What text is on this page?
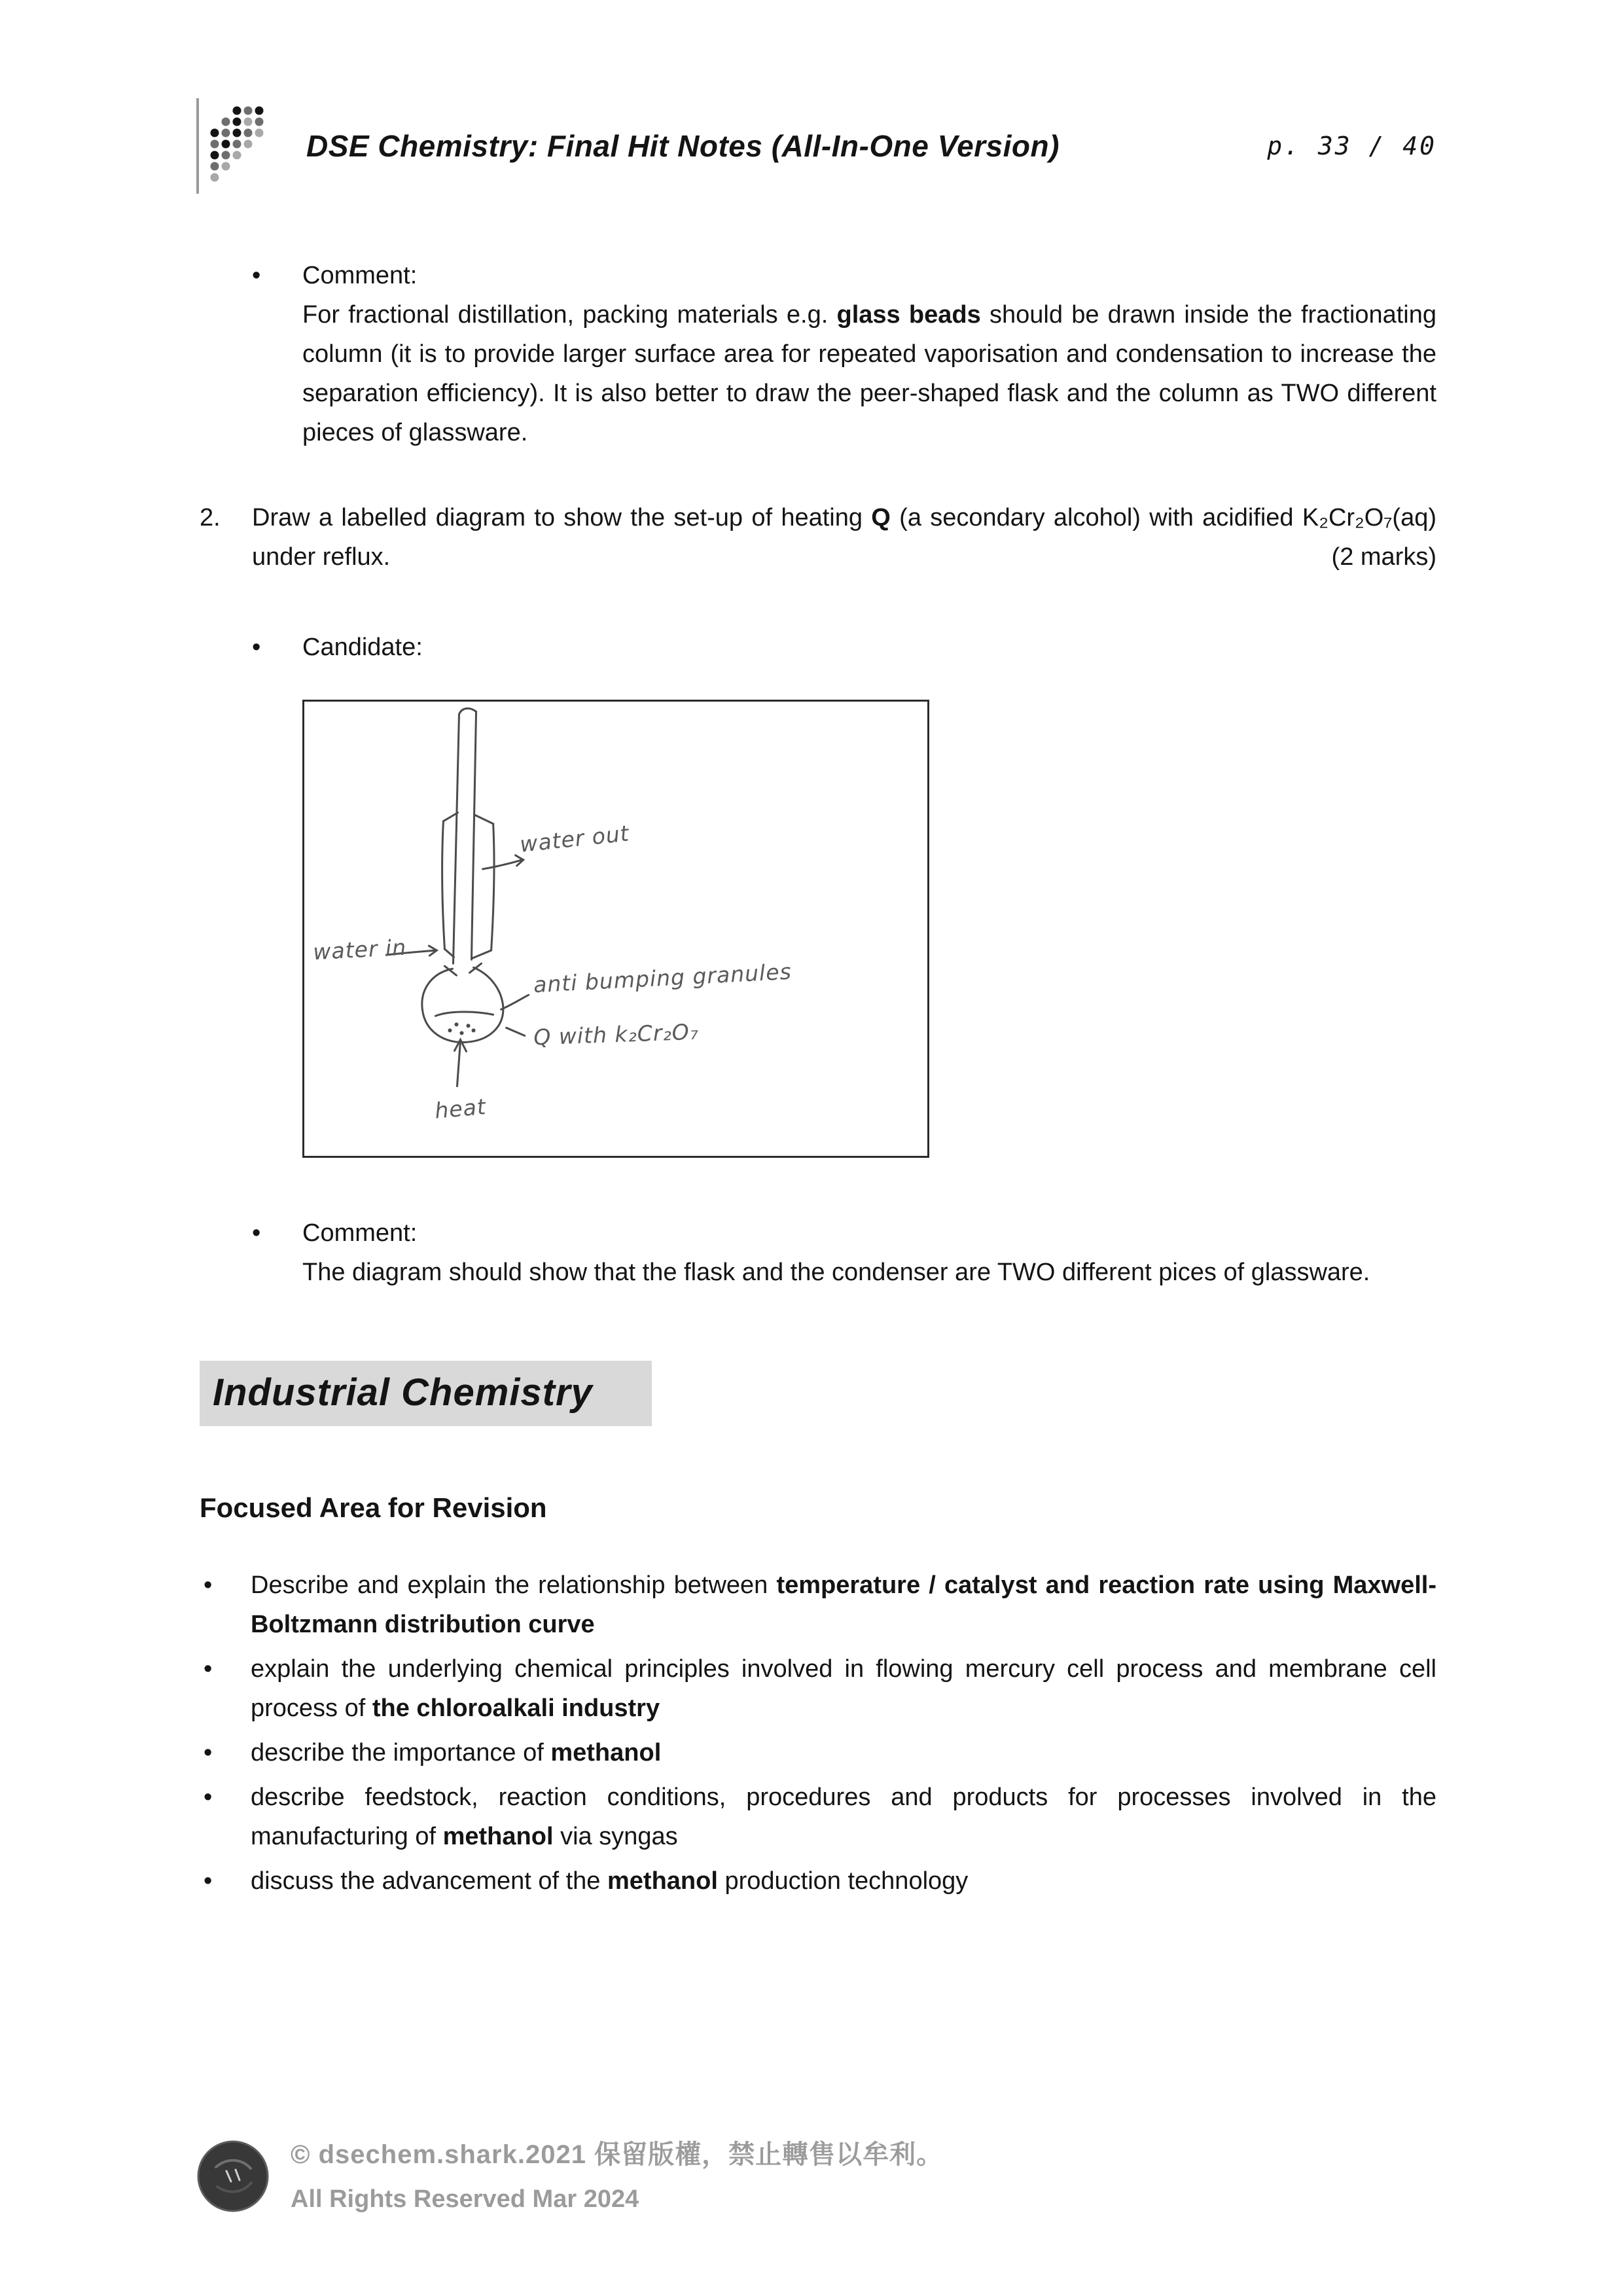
DSE Chemistry: Final Hit Notes (All-In-One Version)	p. 33 / 40
•	Comment:

For fractional distillation, packing materials e.g. glass beads should be drawn inside the fractionating column (it is to provide larger surface area for repeated vaporisation and condensation to increase the separation efficiency). It is also better to draw the peer-shaped flask and the column as TWO different pieces of glassware.

2.	Draw a labelled diagram to show the set-up of heating Q (a secondary alcohol) with acidified K₂Cr₂O₇(aq) under reflux.	(2 marks)
•	Candidate:
water out
water in
anti bumping granules
Q with k₂Cr₂O₇
heat
•	Comment:

The diagram should show that the flask and the condenser are TWO different pices of glassware.

Industrial Chemistry
Focused Area for Revision
•	Describe and explain the relationship between temperature / catalyst and reaction rate using Maxwell-Boltzmann distribution curve
•	explain the underlying chemical principles involved in flowing mercury cell process and membrane cell process of the chloroalkali industry
•	describe the importance of methanol
•	describe feedstock, reaction conditions, procedures and products for processes involved in the manufacturing of methanol via syngas
•	discuss the advancement of the methanol production technology
© dsechem.shark.2021 保留版權，禁止轉售以牟利。
All Rights Reserved Mar 2024
